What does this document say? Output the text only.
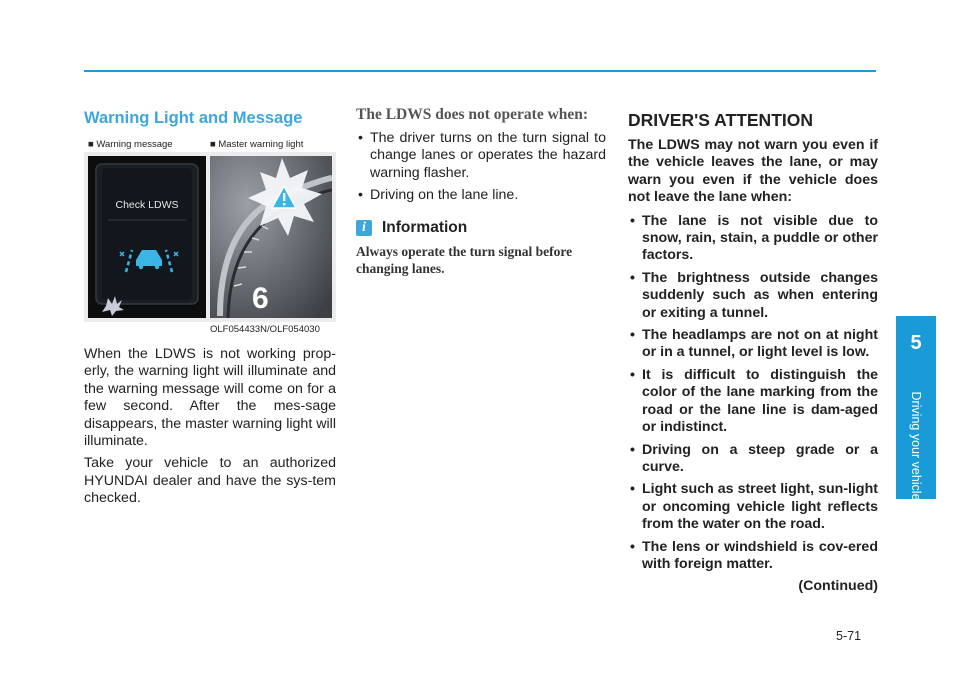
Warning Light and Message
■ Warning message	■ Master warning light
Check LDWS
6
OLF054433N/OLF054030

When the LDWS is not working prop-erly, the warning light will illuminate and the warning message will come on for a few second. After the mes-sage disappears, the master warning light will illuminate.

Take your vehicle to an authorized HYUNDAI dealer and have the sys-tem checked.

The LDWS does not operate when:
• The driver turns on the turn signal to change lanes or operates the hazard warning flasher.
• Driving on the lane line.
i	Information
Always operate the turn signal before changing lanes.
DRIVER'S ATTENTION

The LDWS may not warn you even if the vehicle leaves the lane, or may warn you even if the vehicle does not leave the lane when:

• The lane is not visible due to snow, rain, stain, a puddle or other factors.
• The brightness outside changes suddenly such as when entering or exiting a tunnel.
• The headlamps are not on at night or in a tunnel, or light level is low.
• It is difficult to distinguish the color of the lane marking from the road or the lane line is dam-aged or indistinct.
• Driving on a steep grade or a curve.
• Light such as street light, sun-light or oncoming vehicle light reflects from the water on the road.
• The lens or windshield is cov-ered with foreign matter.
(Continued)
5
Driving your vehicle
5-71
